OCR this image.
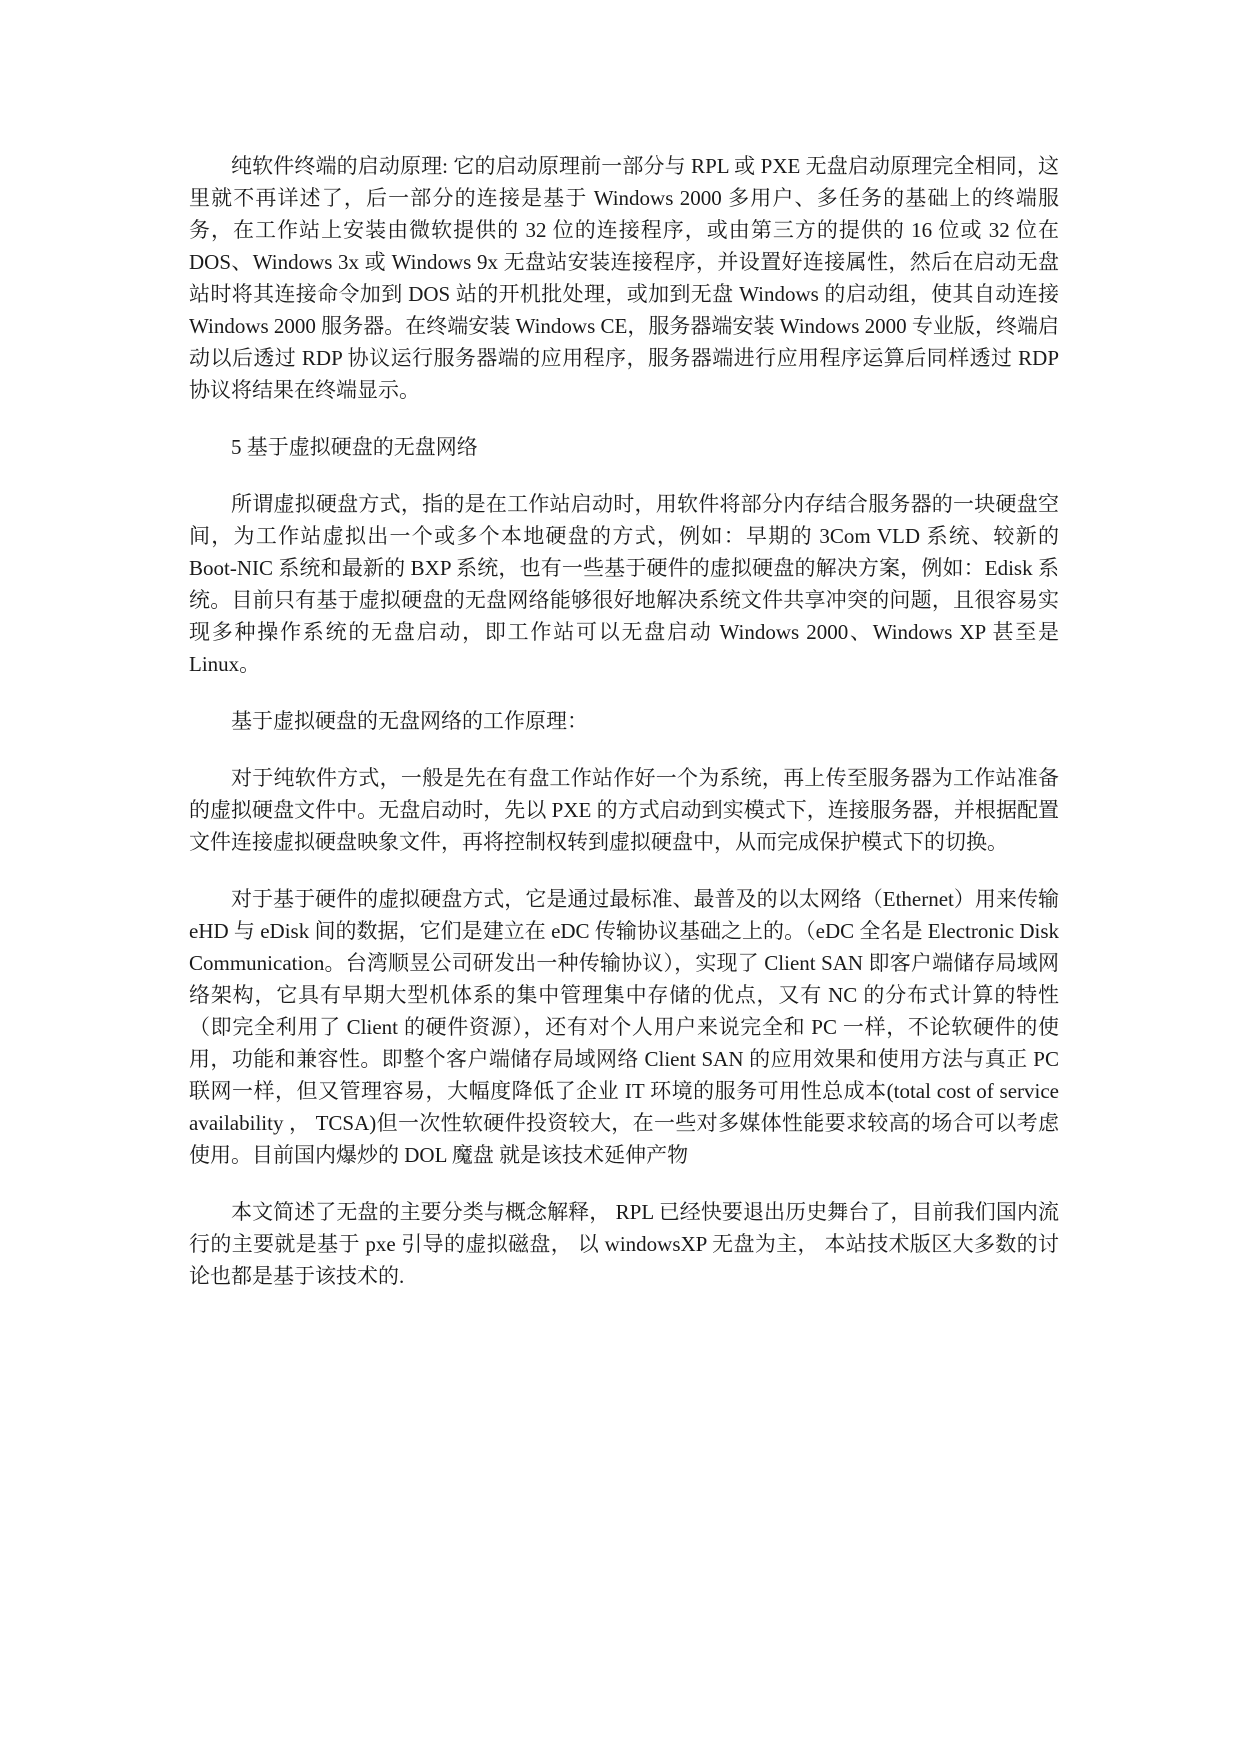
纯软件终端的启动原理: 它的启动原理前一部分与 RPL 或 PXE 无盘启动原理完全相同，这里就不再详述了，后一部分的连接是基于 Windows 2000 多用户、多任务的基础上的终端服务，在工作站上安装由微软提供的 32 位的连接程序，或由第三方的提供的 16 位或 32 位在 DOS、Windows 3x 或 Windows 9x 无盘站安装连接程序，并设置好连接属性，然后在启动无盘站时将其连接命令加到 DOS 站的开机批处理，或加到无盘 Windows 的启动组，使其自动连接 Windows 2000 服务器。在终端安装 Windows CE，服务器端安装 Windows 2000 专业版，终端启动以后透过 RDP 协议运行服务器端的应用程序，服务器端进行应用程序运算后同样透过 RDP 协议将结果在终端显示。

5 基于虚拟硬盘的无盘网络

所谓虚拟硬盘方式，指的是在工作站启动时，用软件将部分内存结合服务器的一块硬盘空间，为工作站虚拟出一个或多个本地硬盘的方式，例如：早期的 3Com VLD 系统、较新的 Boot-NIC 系统和最新的 BXP 系统，也有一些基于硬件的虚拟硬盘的解决方案，例如：Edisk 系统。目前只有基于虚拟硬盘的无盘网络能够很好地解决系统文件共享冲突的问题，且很容易实现多种操作系统的无盘启动，即工作站可以无盘启动 Windows 2000、Windows XP 甚至是 Linux。

基于虚拟硬盘的无盘网络的工作原理：

对于纯软件方式，一般是先在有盘工作站作好一个为系统，再上传至服务器为工作站准备的虚拟硬盘文件中。无盘启动时，先以 PXE 的方式启动到实模式下，连接服务器，并根据配置文件连接虚拟硬盘映象文件，再将控制权转到虚拟硬盘中，从而完成保护模式下的切换。

对于基于硬件的虚拟硬盘方式，它是通过最标准、最普及的以太网络（Ethernet）用来传输 eHD 与 eDisk 间的数据，它们是建立在 eDC 传输协议基础之上的。（eDC 全名是 Electronic Disk Communication。台湾顺昱公司研发出一种传输协议），实现了 Client SAN 即客户端储存局域网络架构，它具有早期大型机体系的集中管理集中存储的优点，又有 NC 的分布式计算的特性（即完全利用了 Client 的硬件资源），还有对个人用户来说完全和 PC 一样，不论软硬件的使用，功能和兼容性。即整个客户端储存局域网络 Client SAN 的应用效果和使用方法与真正 PC 联网一样，但又管理容易，大幅度降低了企业 IT 环境的服务可用性总成本(total cost of service availability ， TCSA)但一次性软硬件投资较大，在一些对多媒体性能要求较高的场合可以考虑使用。目前国内爆炒的 DOL 魔盘 就是该技术延伸产物

本文简述了无盘的主要分类与概念解释， RPL 已经快要退出历史舞台了，目前我们国内流行的主要就是基于 pxe 引导的虚拟磁盘， 以 windowsXP 无盘为主， 本站技术版区大多数的讨论也都是基于该技术的.
